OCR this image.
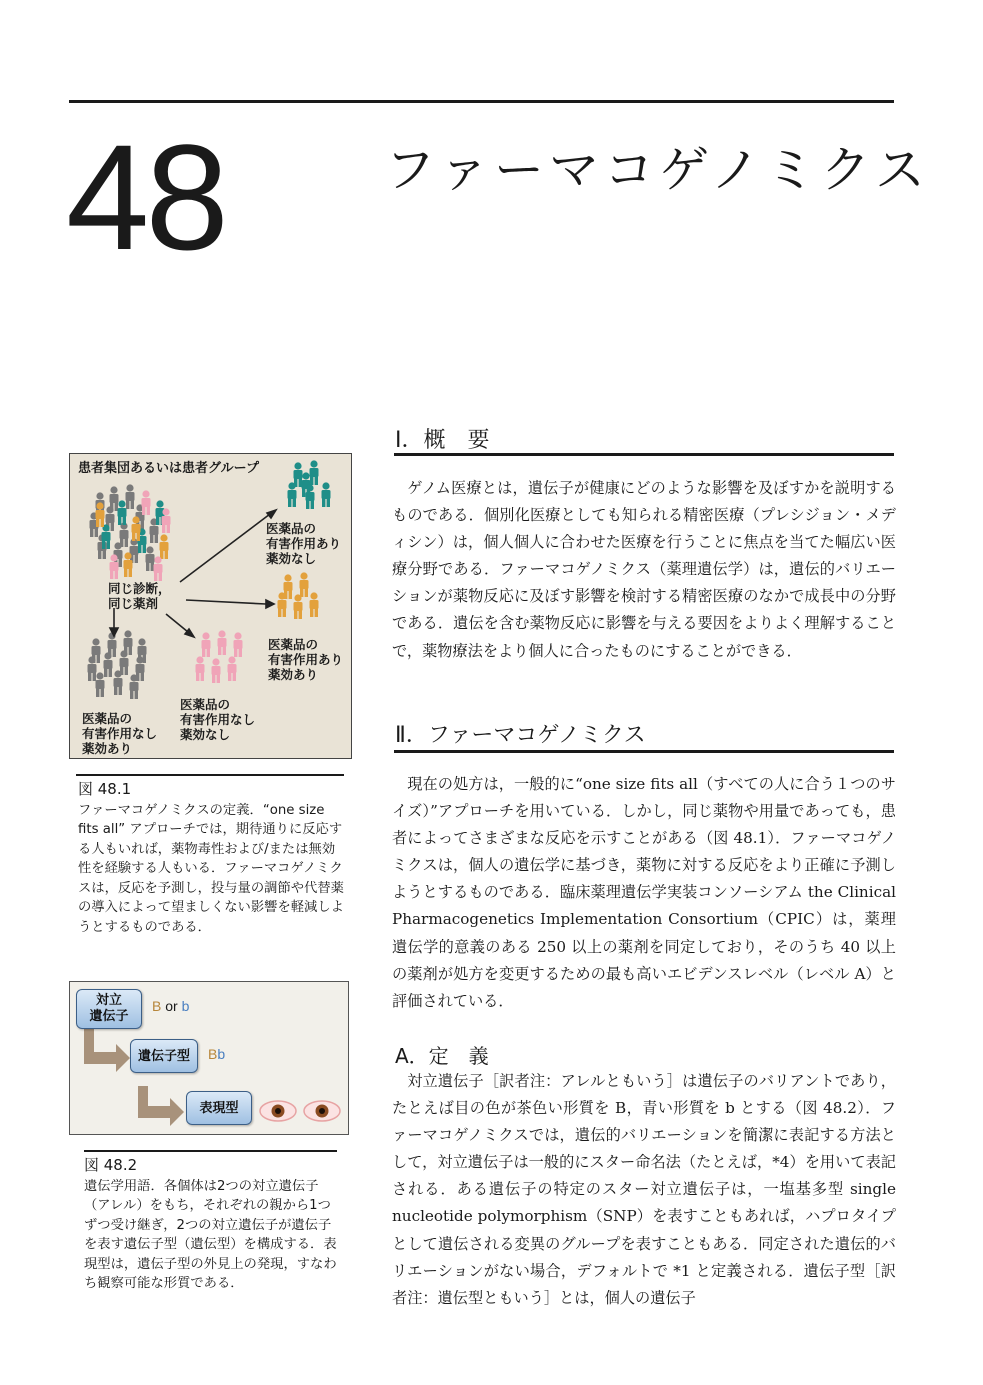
48	ファーマコゲノミクス
Ⅰ．概　要

ゲノム医療とは，遺伝子が健康にどのような影響を及ぼすかを説明するものである．個別化医療としても知られる精密医療（プレシジョン・メディシン）は，個人個人に合わせた医療を行うことに焦点を当てた幅広い医療分野である．ファーマコゲノミクス（薬理遺伝学）は，遺伝的バリエーションが薬物反応に及ぼす影響を検討する精密医療のなかで成長中の分野である．遺伝を含む薬物反応に影響を与える要因をよりよく理解することで，薬物療法をより個人に合ったものにすることができる．

Ⅱ．ファーマコゲノミクス

現在の処方は，一般的に“one size fits all（すべての人に合う１つのサイズ）”アプローチを用いている．しかし，同じ薬物や用量であっても，患者によってさまざまな反応を示すことがある（図 48.1）．ファーマコゲノミクスは，個人の遺伝学に基づき，薬物に対する反応をより正確に予測しようとするものである．臨床薬理遺伝学実装コンソーシアム the Clinical Pharmacogenetics Implementation Consortium（CPIC）は，薬理遺伝学的意義のある 250 以上の薬剤を同定しており，そのうち 40 以上の薬剤が処方を変更するための最も高いエビデンスレベル（レベル A）と評価されている．

A．定　義

対立遺伝子［訳者注：アレルともいう］は遺伝子のバリアントであり，たとえば目の色が茶色い形質を B，青い形質を b とする（図 48.2）．ファーマコゲノミクスでは，遺伝的バリエーションを簡潔に表記する方法として，対立遺伝子は一般的にスター命名法（たとえば，*4）を用いて表記される．ある遺伝子の特定のスター対立遺伝子は，一塩基多型 single nucleotide polymorphism（SNP）を表すこともあれば，ハプロタイプとして遺伝される変異のグループを表すこともある．同定された遺伝的バリエーションがない場合，デフォルトで *1 と定義される．遺伝子型［訳者注：遺伝型ともいう］とは，個人の遺伝子

患者集団あるいは患者グループ
同じ診断，
同じ薬剤
医薬品の
有害作用あり
薬効なし
医薬品の
有害作用あり
薬効あり
医薬品の
有害作用なし
薬効なし
医薬品の
有害作用なし
薬効あり
図 48.1
ファーマコゲノミクスの定義．“one size fits all” アプローチでは，期待通りに反応する人もいれば，薬物毒性および/または無効性を経験する人もいる．ファーマコゲノミクスは，反応を予測し，投与量の調節や代替薬の導入によって望ましくない影響を軽減しようとするものである．
対立
遺伝子
B or b
遺伝子型	Bb
表現型
図 48.2
遺伝学用語．各個体は2つの対立遺伝子（アレル）をもち，それぞれの親から1つずつ受け継ぎ，2つの対立遺伝子が遺伝子を表す遺伝子型（遺伝型）を構成する．表現型は，遺伝子型の外見上の発現，すなわち観察可能な形質である．
